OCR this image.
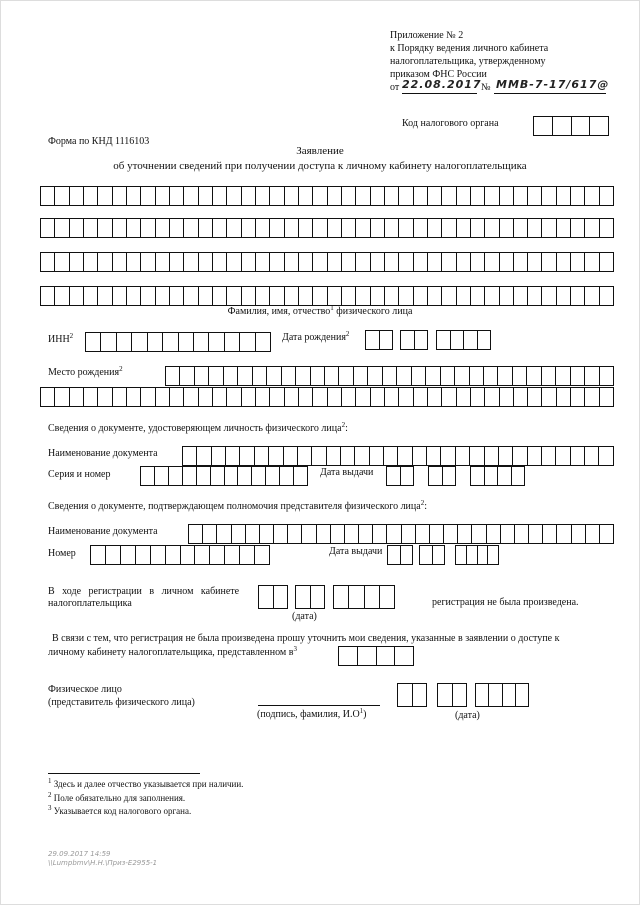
Приложение № 2
к Порядку ведения личного кабинета
налогоплательщика, утвержденному
приказом ФНС России
от 22.08.2017 № ММВ-7-17/617@
Код налогового органа
Форма по КНД 1116103
Заявление
об уточнении сведений при получении доступа к личному кабинету налогоплательщика
Фамилия, имя, отчество$^1$ физического лица
ИНН$^2$	Дата рождения$^2$
Место рождения$^2$
Сведения о документе, удостоверяющем личность физического лица$^2$:
Наименование документа
Серия и номер	Дата выдачи
Сведения о документе, подтверждающем полномочия представителя физического лица$^2$:
Наименование документа
Номер	Дата выдачи
В ходе регистрации в личном кабинете
налогоплательщика
(дата)
регистрация не была произведена.
В связи с тем, что регистрация не была произведена прошу уточнить мои сведения, указанные в заявлении о доступе к
личному кабинету налогоплательщика, представленном $в^3$
Физическое лицо
(представитель физического лица)
(подпись, фамилия, $И.О^1$)	(дата)
$^1$ Здесь и далее отчество указывается при наличии.
$^2$ Поле обязательно для заполнения.
$^3$ Указывается код налогового органа.
29.09.2017 14:59
\\Lumpbmv\Н.Н.\Приз-E2955-1
